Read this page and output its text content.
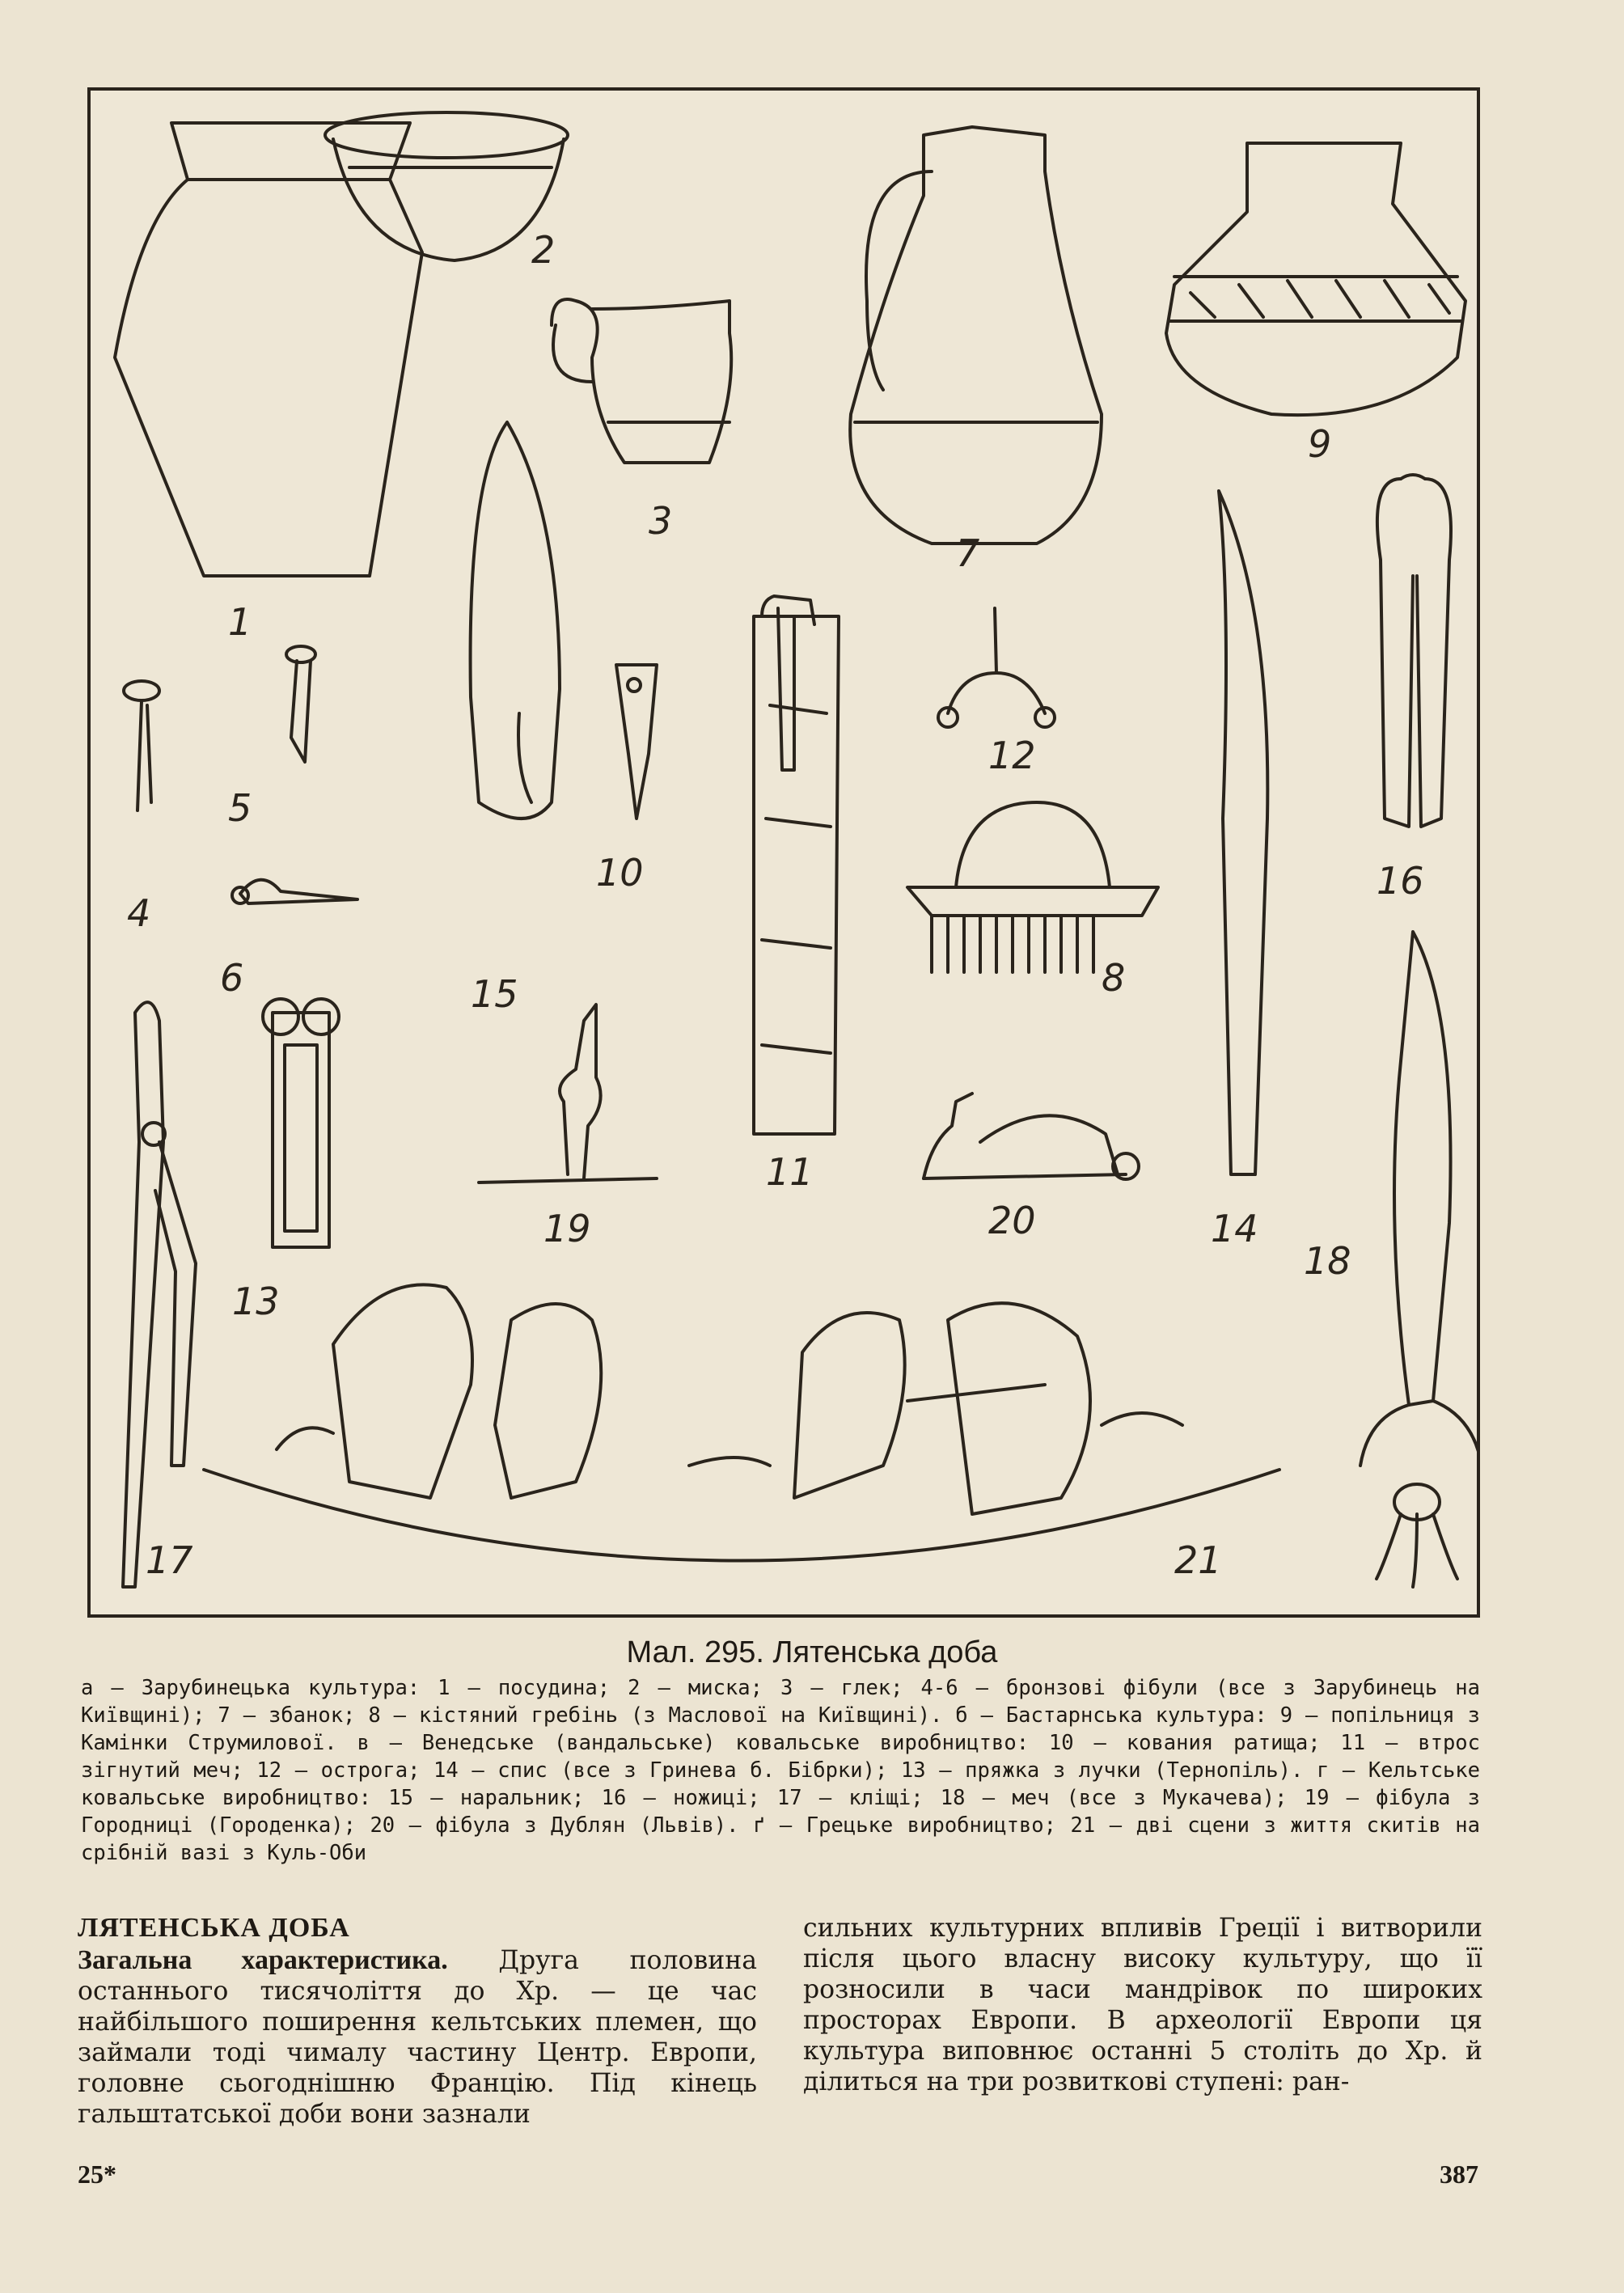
1
2
3
4
5
6
7
8
9
10
11
12
13
14
15
16
17
18
19	20
21

Мал. 295. Лятенська доба

а — Зарубинецька культура: 1 — посудина; 2 — миска; 3 — глек; 4-6 — бронзові фібули (все з Зарубинець на Київщині); 7 — збанок; 8 — кістяний гребінь (з Маслової на Київщині). б — Бастарнська культура: 9 — попільниця з Камінки Струмилової. в — Венедське (вандальське) ковальське виробництво: 10 — кования ратища; 11 — втрос зігнутий меч; 12 — острога; 14 — спис (все з Гринева б. Бібрки); 13 — пряжка з лучки (Тернопіль). г — Кельтське ковальське виробництво: 15 — наральник; 16 — ножиці; 17 — кліщі; 18 — меч (все з Мукачева); 19 — фібула з Городниці (Городенка); 20 — фібула з Дублян (Львів). ґ — Грецьке виробництво; 21 — дві сцени з життя скитів на срібній вазі з Куль-Оби

ЛЯТЕНСЬКА ДОБА
Загальна характеристика. Друга половина останнього тисячоліття до Хр. — це час найбільшого поширення кельтських племен, що займали тоді чималу частину Центр. Европи, головне сьогоднішню Францію. Під кінець гальштатської доби вони зазнали
сильних культурних впливів Греції і витворили після цього власну високу культуру, що її розносили в часи мандрівок по широких просторах Европи. В археології Европи ця культура виповнює останні 5 століть до Хр. й ділиться на три розвиткові ступені: ран-
25*	387
